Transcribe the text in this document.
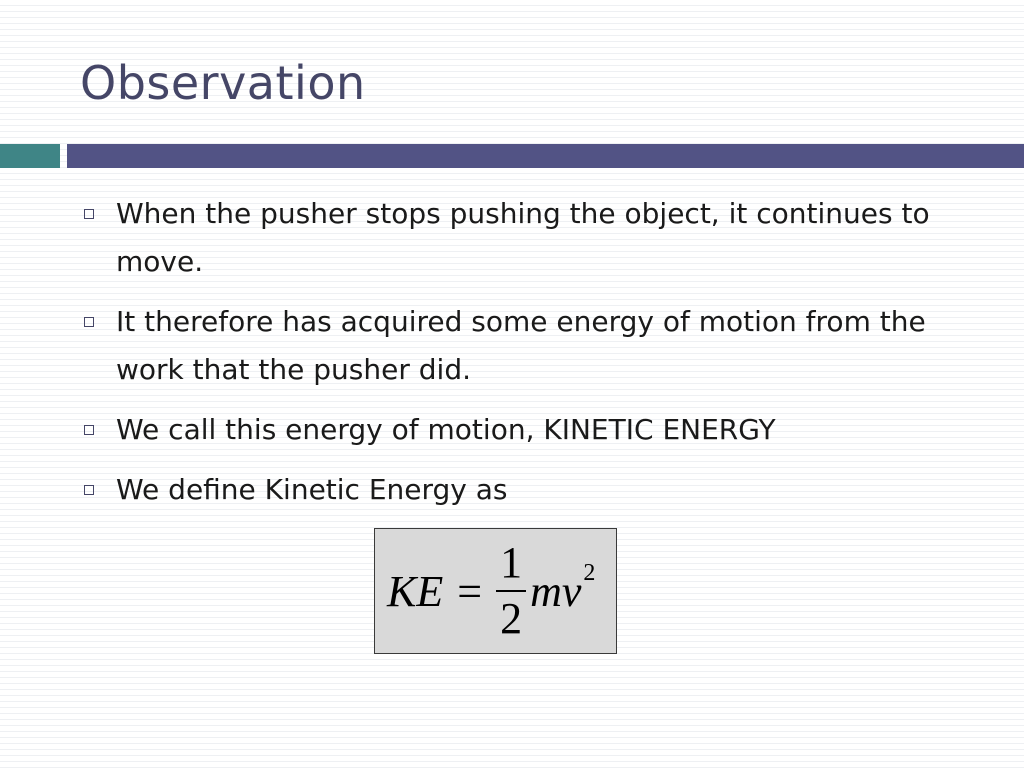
Observation
When the pusher stops pushing the object, it continues to move.
It therefore has acquired some energy of motion from the work that the pusher did.
We call this energy of motion, KINETIC ENERGY
We define Kinetic Energy as
KE = $\frac{1}{2}$ mv 2
